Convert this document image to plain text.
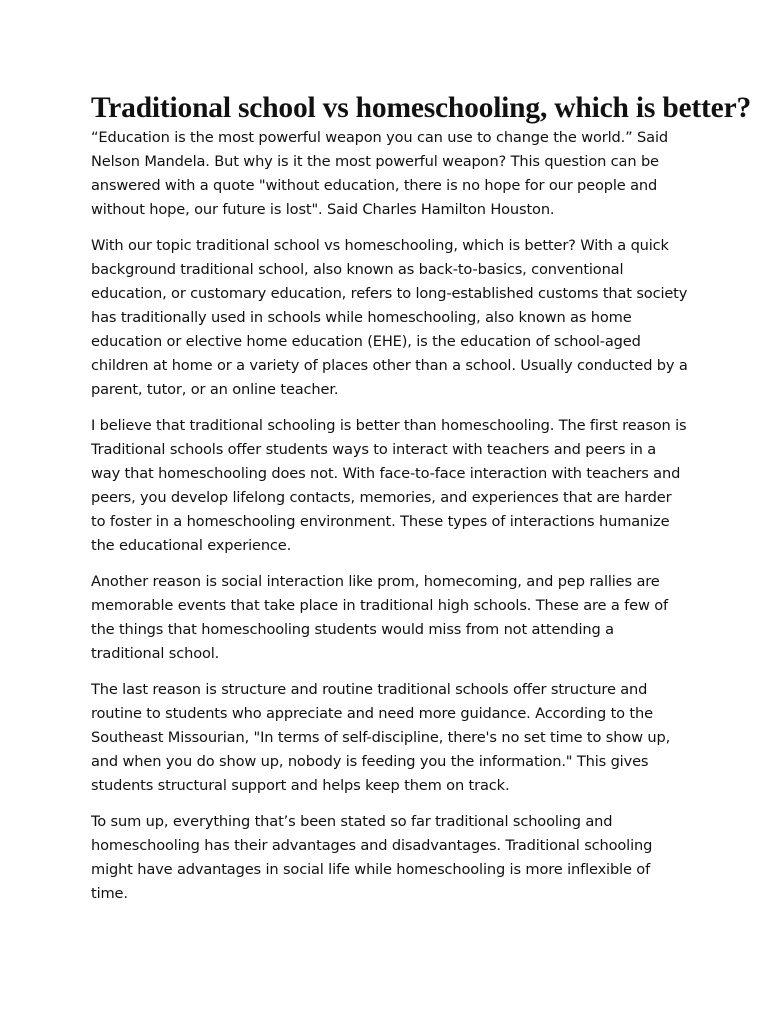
Traditional school vs homeschooling, which is better?

“Education is the most powerful weapon you can use to change the world.” Said Nelson Mandela. But why is it the most powerful weapon? This question can be answered with a quote "without education, there is no hope for our people and without hope, our future is lost". Said Charles Hamilton Houston.

With our topic traditional school vs homeschooling, which is better? With a quick background traditional school, also known as back-to-basics, conventional education, or customary education, refers to long-established customs that society has traditionally used in schools while homeschooling, also known as home education or elective home education (EHE), is the education of school-aged children at home or a variety of places other than a school. Usually conducted by a parent, tutor, or an online teacher.

I believe that traditional schooling is better than homeschooling. The first reason is Traditional schools offer students ways to interact with teachers and peers in a way that homeschooling does not. With face-to-face interaction with teachers and peers, you develop lifelong contacts, memories, and experiences that are harder to foster in a homeschooling environment. These types of interactions humanize the educational experience.

Another reason is social interaction like prom, homecoming, and pep rallies are memorable events that take place in traditional high schools. These are a few of the things that homeschooling students would miss from not attending a traditional school.

The last reason is structure and routine traditional schools offer structure and routine to students who appreciate and need more guidance. According to the Southeast Missourian, "In terms of self-discipline, there's no set time to show up, and when you do show up, nobody is feeding you the information." This gives students structural support and helps keep them on track.

To sum up, everything that’s been stated so far traditional schooling and homeschooling has their advantages and disadvantages. Traditional schooling might have advantages in social life while homeschooling is more inflexible of time.
